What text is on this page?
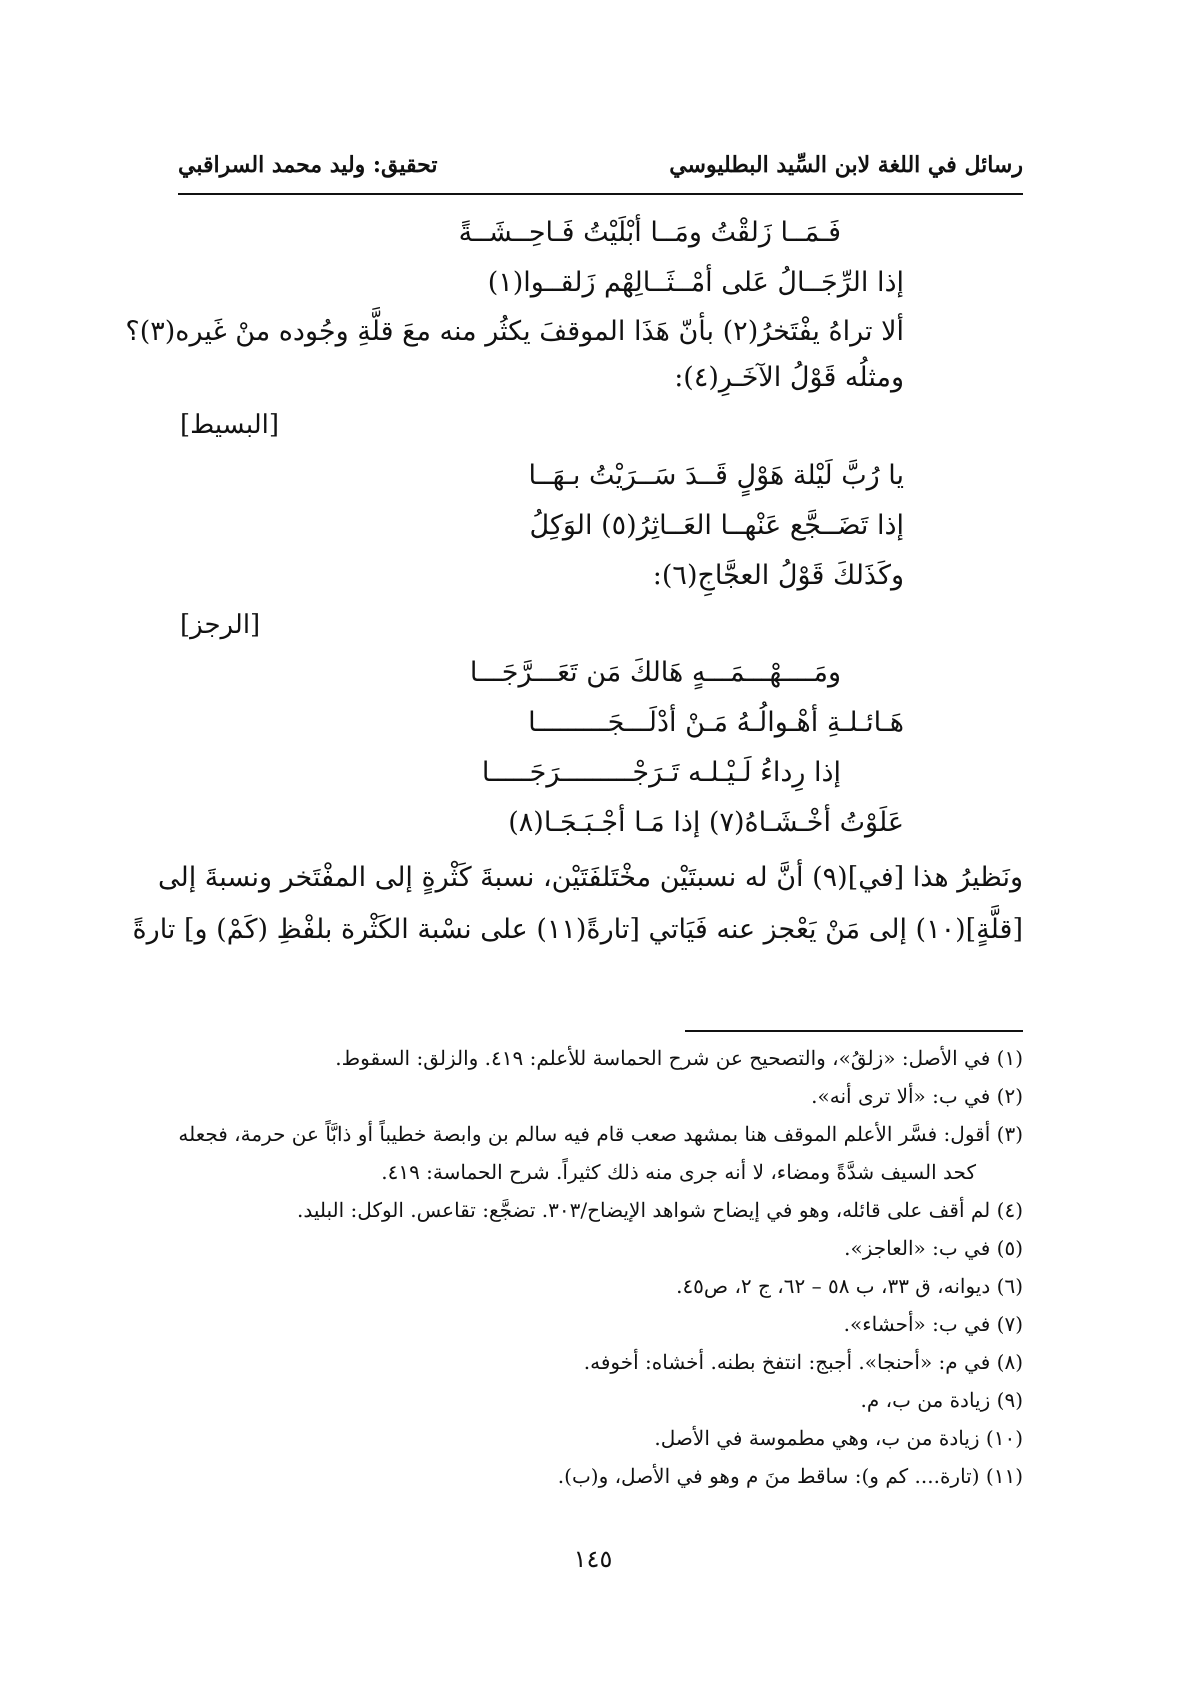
رسائل في اللغة لابن السِّيد البطليوسي
تحقيق: وليد محمد السراقبي
فَـمَــا زَلقْتُ ومَــا أبْلَيْتُ فَـاحِــشَــةً
إذا الرِّجَــالُ عَلى أمْــثَــالِهْم زَلقــوا(١)
ألا تراهُ يفْتَخرُ(٢) بأنّ هَذَا الموقفَ يكثُر منه معَ قلَّةِ وجُوده منْ غَيره(٣)؟
ومثلُه قَوْلُ الآخَـرِ(٤):
[البسيط]
يا رُبَّ لَيْلة هَوْلٍ قَــدَ سَــرَيْتُ بـهَــا
إذا تَضَــجَّع عَنْهــا العَــاثِرُ(٥) الوَكِلُ
وكَذَلكَ قَوْلُ العجَّاجِ(٦):
[الرجز]
ومَــــهْـــمَـــهٍ هَالكَ مَن تَعَـــرَّجَـــا
هَـائـلـةِ أهْـوالُـهُ مَـنْ أدْلَـــجَـــــــــا
إذا رِداءُ لَـيْـلـه تَـرَجْـــــــــرَجَـــــا
عَلَوْتُ أخْـشَـاهُ(٧) إذا مَـا أجْـبَـجَـا(٨)
ونَظيرُ هذا [في](٩) أنَّ له نسبتَيْن مخْتَلفَتَيْن، نسبةَ كَثْرةٍ إلى المفْتَخر ونسبةَ إلى
[قلَّةٍ](١٠) إلى مَنْ يَعْجز عنه فَيَاتي [تارةً(١١) على نسْبة الكَثْرة بلفْظِ (كَمْ) و] تارةً
(١) في الأصل: «زلقُ»، والتصحيح عن شرح الحماسة للأعلم: ٤١٩. والزلق: السقوط.
(٢) في ب: «ألا ترى أنه».
(٣) أقول: فسَّر الأعلم الموقف هنا بمشهد صعب قام فيه سالم بن وابصة خطيباً أو ذابَّاً عن حرمة، فجعله
كحد السيف شدَّةً ومضاء، لا أنه جرى منه ذلك كثيراً. شرح الحماسة: ٤١٩.
(٤) لم أقف على قائله، وهو في إيضاح شواهد الإيضاح/٣٠٣. تضجَّع: تقاعس. الوكل: البليد.
(٥) في ب: «العاجز».
(٦) ديوانه، ق ٣٣، ب ٥٨ – ٦٢، ج ٢، ص٤٥.
(٧) في ب: «أحشاء».
(٨) في م: «أحنجا». أجبج: انتفخ بطنه. أخشاه: أخوفه.
(٩) زيادة من ب، م.
(١٠) زيادة من ب، وهي مطموسة في الأصل.
(١١) (تارة.... كم و): ساقط منَ م وهو في الأصل، و(ب).
١٤٥
